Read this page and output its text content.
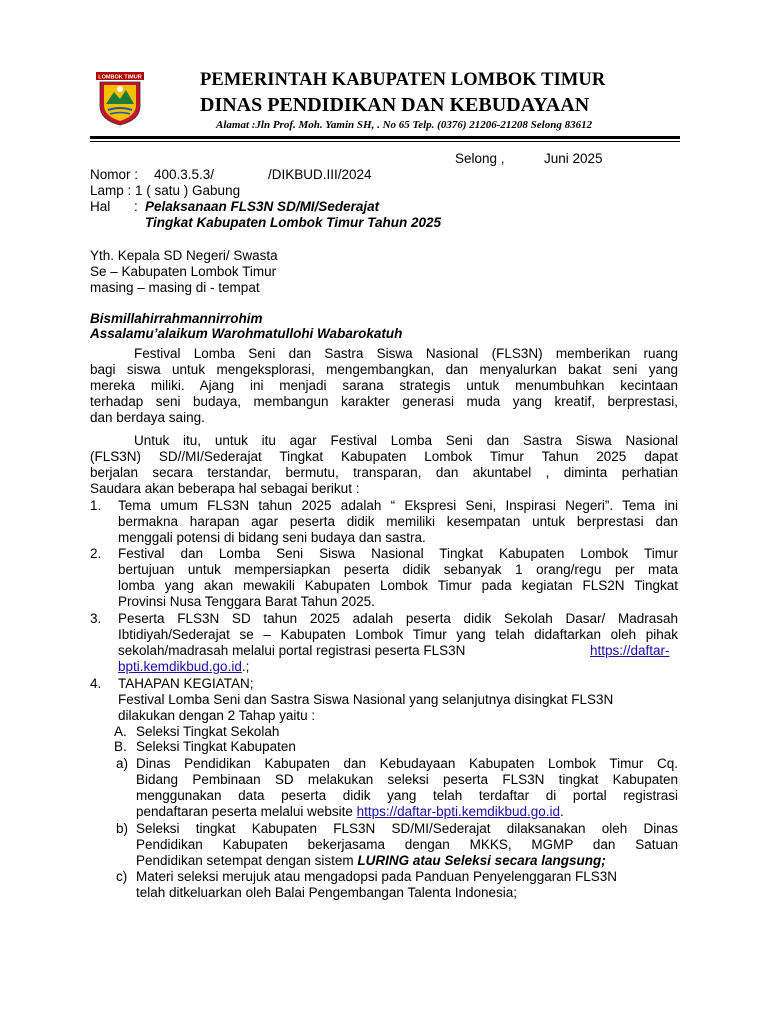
LOMBOK TIMUR	PEMERINTAH KABUPATEN LOMBOK TIMUR
DINAS PENDIDIKAN DAN KEBUDAYAAN
Alamat :Jln Prof. Moh. Yamin SH, . No 65 Telp. (0376) 21206-21208 Selong 83612
Selong ,	Juni 2025
Nomor : 400.3.5.3/	/DIKBUD.III/2024
Lamp : 1 ( satu ) Gabung
Hal : Pelaksanaan FLS3N SD/MI/Sederajat
Tingkat Kabupaten Lombok Timur Tahun 2025
Yth. Kepala SD Negeri/ Swasta
Se – Kabupaten Lombok Timur
masing – masing di - tempat
Bismillahirrahmannirrohim
Assalamu’alaikum Warohmatullohi Wabarokatuh
Festival Lomba Seni dan Sastra Siswa Nasional (FLS3N) memberikan ruang
bagi siswa untuk mengeksplorasi, mengembangkan, dan menyalurkan bakat seni yang
mereka miliki. Ajang ini menjadi sarana strategis untuk menumbuhkan kecintaan
terhadap seni budaya, membangun karakter generasi muda yang kreatif, berprestasi,
dan berdaya saing.
Untuk itu, untuk itu agar Festival Lomba Seni dan Sastra Siswa Nasional
(FLS3N) SD//MI/Sederajat Tingkat Kabupaten Lombok Timur Tahun 2025 dapat
berjalan secara terstandar, bermutu, transparan, dan akuntabel , diminta perhatian
Saudara akan beberapa hal sebagai berikut :
1. Tema umum FLS3N tahun 2025 adalah “ Ekspresi Seni, Inspirasi Negeri”. Tema ini
bermakna harapan agar peserta didik memiliki kesempatan untuk berprestasi dan
menggali potensi di bidang seni budaya dan sastra.
2. Festival dan Lomba Seni Siswa Nasional Tingkat Kabupaten Lombok Timur
bertujuan untuk mempersiapkan peserta didik sebanyak 1 orang/regu per mata
lomba yang akan mewakili Kabupaten Lombok Timur pada kegiatan FLS2N Tingkat
Provinsi Nusa Tenggara Barat Tahun 2025.
3. Peserta FLS3N SD tahun 2025 adalah peserta didik Sekolah Dasar/ Madrasah
Ibtidiyah/Sederajat se – Kabupaten Lombok Timur yang telah didaftarkan oleh pihak
sekolah/madrasah melalui portal registrasi peserta FLS3N	https://daftar-
bpti.kemdikbud.go.id.;
4. TAHAPAN KEGIATAN;
Festival Lomba Seni dan Sastra Siswa Nasional yang selanjutnya disingkat FLS3N
dilakukan dengan 2 Tahap yaitu :
A. Seleksi Tingkat Sekolah
B. Seleksi Tingkat Kabupaten
a) Dinas Pendidikan Kabupaten dan Kebudayaan Kabupaten Lombok Timur Cq.
Bidang Pembinaan SD melakukan seleksi peserta FLS3N tingkat Kabupaten
menggunakan data peserta didik yang telah terdaftar di portal registrasi
pendaftaran peserta melalui website https://daftar-bpti.kemdikbud.go.id.
b) Seleksi tingkat Kabupaten FLS3N SD/MI/Sederajat dilaksanakan oleh Dinas
Pendidikan Kabupaten bekerjasama dengan MKKS, MGMP dan Satuan
Pendidikan setempat dengan sistem LURING atau Seleksi secara langsung;
c) Materi seleksi merujuk atau mengadopsi pada Panduan Penyelenggaran FLS3N
telah ditkeluarkan oleh Balai Pengembangan Talenta Indonesia;
